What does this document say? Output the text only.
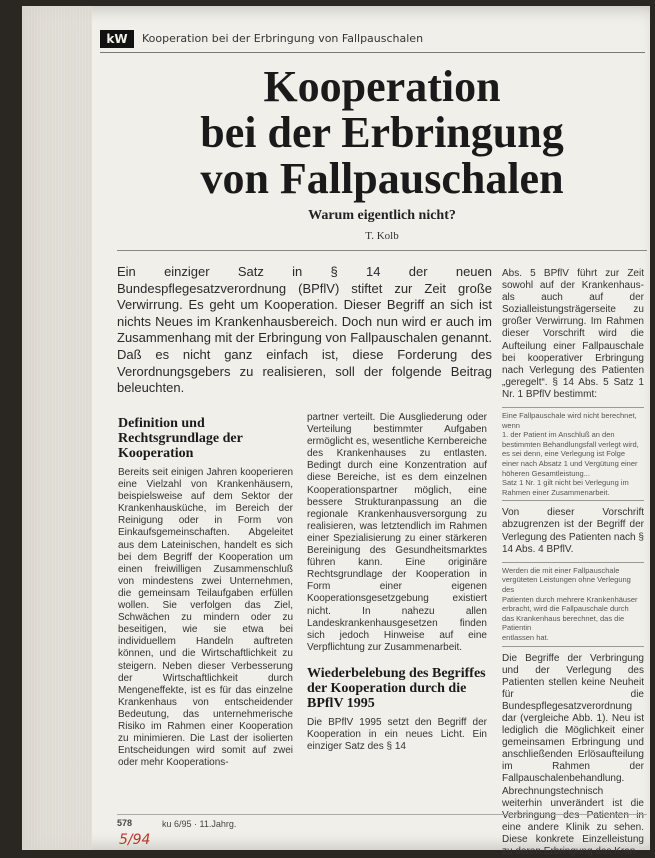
kW	Kooperation bei der Erbringung von Fallpauschalen
Kooperation
bei der Erbringung
von Fallpauschalen
Warum eigentlich nicht?
T. Kolb
Ein einziger Satz in § 14 der neuen Bundespflegesatzverordnung (BPflV) stiftet zur Zeit große Verwirrung. Es geht um Kooperation. Dieser Begriff an sich ist nichts Neues im Krankenhausbereich. Doch nun wird er auch im Zusammenhang mit der Erbringung von Fallpauschalen genannt. Daß es nicht ganz einfach ist, diese Forderung des Verordnungsgebers zu realisieren, soll der folgende Beitrag beleuchten.
Definition und Rechtsgrundlage der Kooperation

Bereits seit einigen Jahren kooperieren eine Vielzahl von Krankenhäusern, beispielsweise auf dem Sektor der Krankenhausküche, im Bereich der Reinigung oder in Form von Einkaufsgemeinschaften. Abgeleitet aus dem Lateinischen, handelt es sich bei dem Begriff der Kooperation um einen freiwilligen Zusammenschluß von mindestens zwei Unternehmen, die gemeinsam Teilaufgaben erfüllen wollen. Sie verfolgen das Ziel, Schwächen zu mindern oder zu beseitigen, wie sie etwa bei individuellem Handeln auftreten können, und die Wirtschaftlichkeit zu steigern. Neben dieser Verbesserung der Wirtschaftlichkeit durch Mengeneffekte, ist es für das einzelne Krankenhaus von entscheidender Bedeutung, das unternehmerische Risiko im Rahmen einer Kooperation zu minimieren. Die Last der isolierten Entscheidungen wird somit auf zwei oder mehr Kooperations-

partner verteilt. Die Ausgliederung oder Verteilung bestimmter Aufgaben ermöglicht es, wesentliche Kernbereiche des Krankenhauses zu entlasten. Bedingt durch eine Konzentration auf diese Bereiche, ist es dem einzelnen Kooperationspartner möglich, eine bessere Strukturanpassung an die regionale Krankenhausversorgung zu realisieren, was letztendlich im Rahmen einer Spezialisierung zu einer stärkeren Bereinigung des Gesundheitsmarktes führen kann. Eine originäre Rechtsgrundlage der Kooperation in Form einer eigenen Kooperationsgesetzgebung existiert nicht. In nahezu allen Landeskrankenhausgesetzen finden sich jedoch Hinweise auf eine Verpflichtung zur Zusammenarbeit.

Wiederbelebung des Begriffes der Kooperation durch die BPflV 1995

Die BPflV 1995 setzt den Begriff der Kooperation in ein neues Licht. Ein einziger Satz des § 14

Abs. 5 BPflV führt zur Zeit sowohl auf der Krankenhaus- als auch auf der Sozialleistungsträgerseite zu großer Verwirrung. Im Rahmen dieser Vorschrift wird die Aufteilung einer Fallpauschale bei kooperativer Erbringung nach Verlegung des Patienten „geregelt“. § 14 Abs. 5 Satz 1 Nr. 1 BPflV bestimmt:

Eine Fallpauschale wird nicht berechnet,
wenn
1. der Patient im Anschluß an den bestimmten Behandlungsfall verlegt wird, es sei denn, eine Verlegung ist Folge
einer nach Absatz 1 und Vergütung einer
höheren Gesamtleistung...
Satz 1 Nr. 1 gilt nicht bei Verlegung im
Rahmen einer Zusammenarbeit.

Von dieser Vorschrift abzugrenzen ist der Begriff der Verlegung des Patienten nach § 14 Abs. 4 BPflV.

Werden die mit einer Fallpauschale vergüteten Leistungen ohne Verlegung des
Patienten durch mehrere Krankenhäuser
erbracht, wird die Fallpauschale durch
das Krankenhaus berechnet, das die Patientin
entlassen hat.

Die Begriffe der Verbringung und der Verlegung des Patienten stellen keine Neuheit für die Bundespflegesatzverordnung dar (vergleiche Abb. 1). Neu ist lediglich die Möglichkeit einer gemeinsamen Erbringung und anschließenden Erlösaufteilung im Rahmen der Fallpauschalenbehandlung. Abrechnungstechnisch weiterhin unverändert ist die Verbringung des Patienten in eine andere Klinik zu sehen. Diese konkrete Einzelleistung zu deren Erbringung das Kran-

578	ku 6/95 · 11.Jahrg.
5/94
